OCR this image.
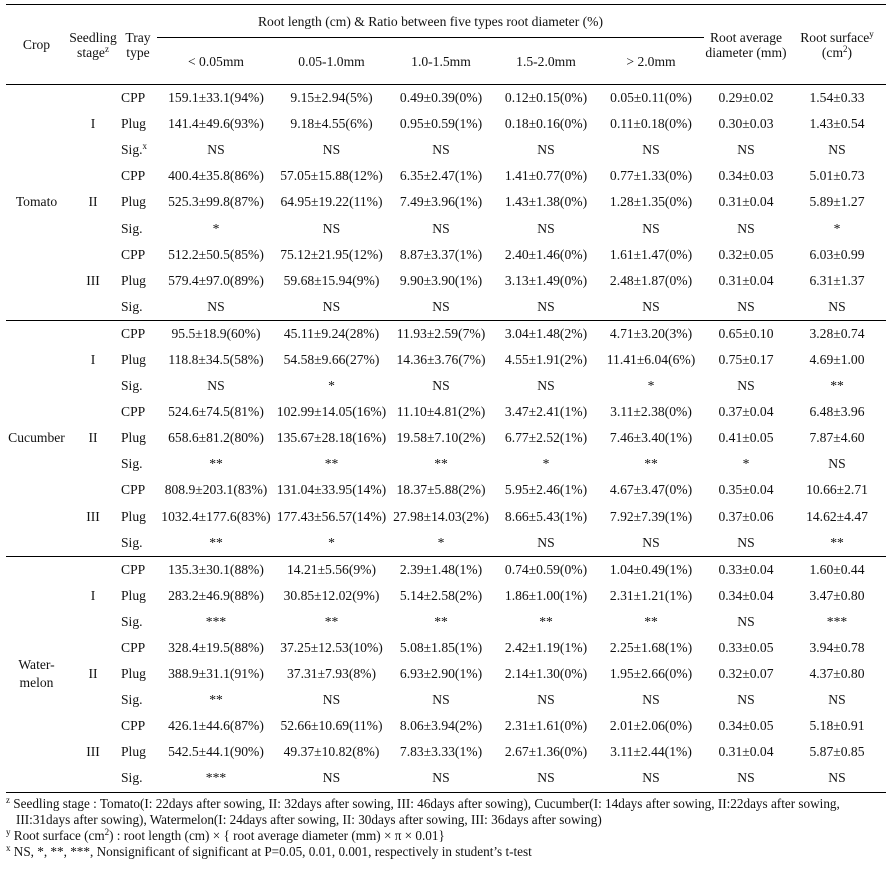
Crop	Seedling stage$^z$	Tray type	Root length (cm) & Ratio between five types root diameter (%)					Root average diameter (mm)	Root surface$^y$
$(cm^2)$
			< 0.05mm	0.05-1.0mm	1.0-1.5mm	1.5-2.0mm	> 2.0mm		
Tomato	I	CPP	159.1±33.1(94%)	9.15±2.94(5%)	0.49±0.39(0%)	0.12±0.15(0%)	0.05±0.11(0%)	0.29±0.02	1.54±0.33
		Plug	141.4±49.6(93%)	9.18±4.55(6%)	0.95±0.59(1%)	0.18±0.16(0%)	0.11±0.18(0%)	0.30±0.03	1.43±0.54
		Sig.$^x$	NS	NS	NS	NS	NS	NS	NS
	II	CPP	400.4±35.8(86%)	57.05±15.88(12%)	6.35±2.47(1%)	1.41±0.77(0%)	0.77±1.33(0%)	0.34±0.03	5.01±0.73
		Plug	525.3±99.8(87%)	64.95±19.22(11%)	7.49±3.96(1%)	1.43±1.38(0%)	1.28±1.35(0%)	0.31±0.04	5.89±1.27
		Sig.	*	NS	NS	NS	NS	NS	*
	III	CPP	512.2±50.5(85%)	75.12±21.95(12%)	8.87±3.37(1%)	2.40±1.46(0%)	1.61±1.47(0%)	0.32±0.05	6.03±0.99
		Plug	579.4±97.0(89%)	59.68±15.94(9%)	9.90±3.90(1%)	3.13±1.49(0%)	2.48±1.87(0%)	0.31±0.04	6.31±1.37
		Sig.	NS	NS	NS	NS	NS	NS	NS
Cucumber	I	CPP	95.5±18.9(60%)	45.11±9.24(28%)	11.93±2.59(7%)	3.04±1.48(2%)	4.71±3.20(3%)	0.65±0.10	3.28±0.74
		Plug	118.8±34.5(58%)	54.58±9.66(27%)	14.36±3.76(7%)	4.55±1.91(2%)	11.41±6.04(6%)	0.75±0.17	4.69±1.00
		Sig.	NS	*	NS	NS	*	NS	**
	II	CPP	524.6±74.5(81%)	102.99±14.05(16%)	11.10±4.81(2%)	3.47±2.41(1%)	3.11±2.38(0%)	0.37±0.04	6.48±3.96
		Plug	658.6±81.2(80%)	135.67±28.18(16%)	19.58±7.10(2%)	6.77±2.52(1%)	7.46±3.40(1%)	0.41±0.05	7.87±4.60
		Sig.	**	**	**	*	**	*	NS
	III	CPP	808.9±203.1(83%)	131.04±33.95(14%)	18.37±5.88(2%)	5.95±2.46(1%)	4.67±3.47(0%)	0.35±0.04	10.66±2.71
		Plug	1032.4±177.6(83%)	177.43±56.57(14%)	27.98±14.03(2%)	8.66±5.43(1%)	7.92±7.39(1%)	0.37±0.06	14.62±4.47
		Sig.	**	*	*	NS	NS	NS	**
Water- melon	I	CPP	135.3±30.1(88%)	14.21±5.56(9%)	2.39±1.48(1%)	0.74±0.59(0%)	1.04±0.49(1%)	0.33±0.04	1.60±0.44
		Plug	283.2±46.9(88%)	30.85±12.02(9%)	5.14±2.58(2%)	1.86±1.00(1%)	2.31±1.21(1%)	0.34±0.04	3.47±0.80
		Sig.	***	**	**	**	**	NS	***
	II	CPP	328.4±19.5(88%)	37.25±12.53(10%)	5.08±1.85(1%)	2.42±1.19(1%)	2.25±1.68(1%)	0.33±0.05	3.94±0.78
		Plug	388.9±31.1(91%)	37.31±7.93(8%)	6.93±2.90(1%)	2.14±1.30(0%)	1.95±2.66(0%)	0.32±0.07	4.37±0.80
		Sig.	**	NS	NS	NS	NS	NS	NS
	III	CPP	426.1±44.6(87%)	52.66±10.69(11%)	8.06±3.94(2%)	2.31±1.61(0%)	2.01±2.06(0%)	0.34±0.05	5.18±0.91
		Plug	542.5±44.1(90%)	49.37±10.82(8%)	7.83±3.33(1%)	2.67±1.36(0%)	3.11±2.44(1%)	0.31±0.04	5.87±0.85
		Sig.	***	NS	NS	NS	NS	NS	NS

$^z$ Seedling stage : Tomato(I: 22days after sowing, II: 32days after sowing, III: 46days after sowing), Cucumber(I: 14days after sowing, II:22days after sowing, III:31days after sowing), Watermelon(I: 24days after sowing, II: 30days after sowing, III: 36days after sowing)

$^y$ Root surface $(cm^2)$ : root length (cm) × { root average diameter (mm) × π × 0.01}

$^x$ NS, *, **, ***, Nonsignificant of significant at P=0.05, 0.01, 0.001, respectively in student’s t-test
